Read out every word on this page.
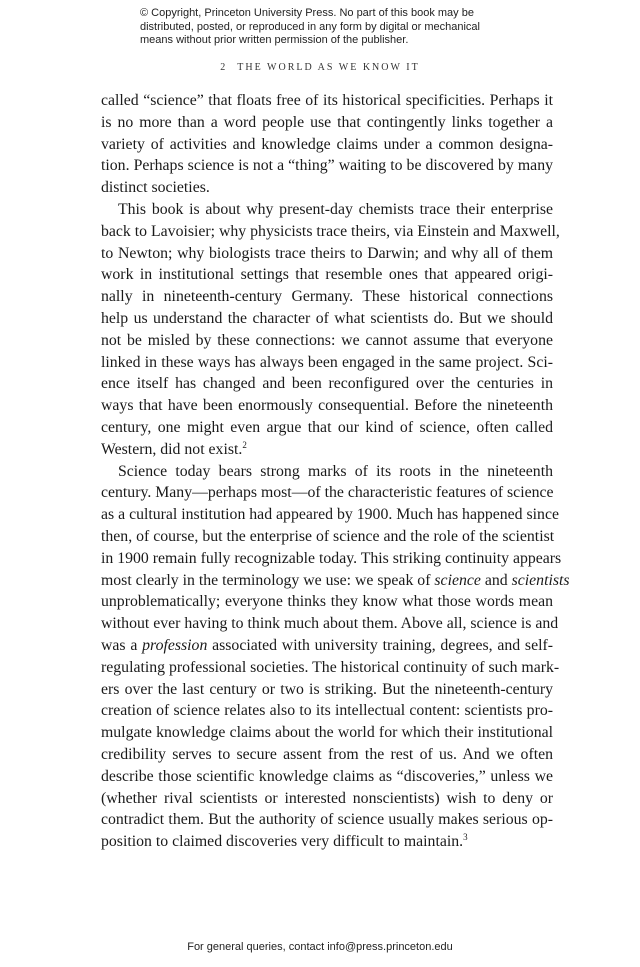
© Copyright, Princeton University Press. No part of this book may be
distributed, posted, or reproduced in any form by digital or mechanical
means without prior written permission of the publisher.
2 THE WORLD AS WE KNOW IT
called “science” that floats free of its historical specificities. Perhaps it
is no more than a word people use that contingently links together a
variety of activities and knowledge claims under a common designa-
tion. Perhaps science is not a “thing” waiting to be discovered by many
distinct societies.
This book is about why present-day chemists trace their enterprise
back to Lavoisier; why physicists trace theirs, via Einstein and Maxwell,
to Newton; why biologists trace theirs to Darwin; and why all of them
work in institutional settings that resemble ones that appeared origi-
nally in nineteenth-century Germany. These historical connections
help us understand the character of what scientists do. But we should
not be misled by these connections: we cannot assume that everyone
linked in these ways has always been engaged in the same project. Sci-
ence itself has changed and been reconfigured over the centuries in
ways that have been enormously consequential. Before the nineteenth
century, one might even argue that our kind of science, often called
Western, did not exist.$^2$
Science today bears strong marks of its roots in the nineteenth
century. Many—perhaps most—of the characteristic features of science
as a cultural institution had appeared by 1900. Much has happened since
then, of course, but the enterprise of science and the role of the scientist
in 1900 remain fully recognizable today. This striking continuity appears
most clearly in the terminology we use: we speak of science and scientists
unproblematically; everyone thinks they know what those words mean
without ever having to think much about them. Above all, science is and
was a profession associated with university training, degrees, and self-
regulating professional societies. The historical continuity of such mark-
ers over the last century or two is striking. But the nineteenth-century
creation of science relates also to its intellectual content: scientists pro-
mulgate knowledge claims about the world for which their institutional
credibility serves to secure assent from the rest of us. And we often
describe those scientific knowledge claims as “discoveries,” unless we
(whether rival scientists or interested nonscientists) wish to deny or
contradict them. But the authority of science usually makes serious op-
position to claimed discoveries very difficult to maintain.$^3$
For general queries, contact info@press.princeton.edu
